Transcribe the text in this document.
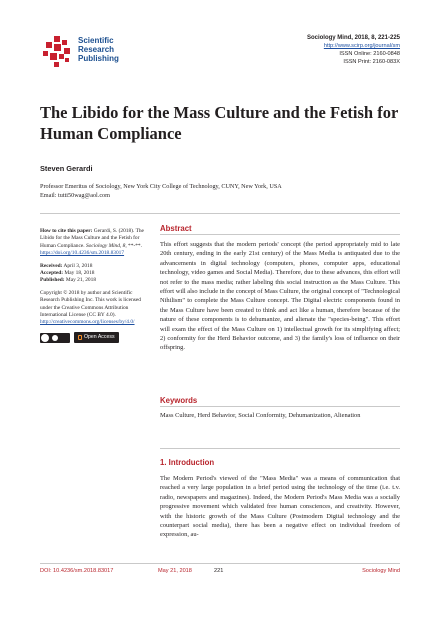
Scientific
Research
Publishing
Sociology Mind, 2018, 8, 221-225
http://www.scirp.org/journal/sm
ISSN Online: 2160-0848
ISSN Print: 2160-083X
The Libido for the Mass Culture and the Fetish for Human Compliance
Steven Gerardi
Professor Emeritus of Sociology, New York City College of Technology, CUNY, New York, USA
Email: tutti50wag@aol.com

How to cite this paper: Gerardi, S. (2018). The Libido for the Mass Culture and the Fetish for Human Compliance. Sociology Mind, 8, **-**.
https://doi.org/10.4236/sm.2018.83017

Received: April 3, 2018
Accepted: May 18, 2018
Published: May 21, 2018

Copyright © 2018 by author and Scientific Research Publishing Inc. This work is licensed under the Creative Commons Attribution International License (CC BY 4.0).
http://creativecommons.org/licenses/by/4.0/

Open Access
Abstract
This effort suggests that the modern periods' concept (the period appropriately mid to late 20th century, ending in the early 21st century) of the Mass Media is antiquated due to the advancements in digital technology (computers, phones, computer apps, educational technology, video games and Social Media). Therefore, due to these advances, this effort will not refer to the mass media; rather labeling this social instruction as the Mass Culture. This effort will also include in the concept of Mass Culture, the original concept of "Technological Nihilism" to complete the Mass Culture concept. The Digital electric components found in the Mass Culture have been created to think and act like a human, therefore because of the nature of these components is to dehumanize, and alienate the "species-being". This effort will exam the effect of the Mass Culture on 1) intellectual growth for its simplifying affect; 2) conformity for the Herd Behavior outcome, and 3) the family's loss of influence on their offspring.
Keywords
Mass Culture, Herd Behavior, Social Conformity, Dehumanization, Alienation
1. Introduction
The Modern Period's viewed of the "Mass Media" was a means of communication that reached a very large population in a brief period using the technology of the time (i.e. t.v. radio, newspapers and magazines). Indeed, the Modern Period's Mass Media was a socially progressive movement which validated free human consciences, and creativity. However, with the historic growth of the Mass Culture (Postmodern Digital technology and the counterpart social media), there has been a negative effect on individual freedom of expression, au-
DOI: 10.4236/sm.2018.83017	May 21, 2018	221	Sociology Mind
